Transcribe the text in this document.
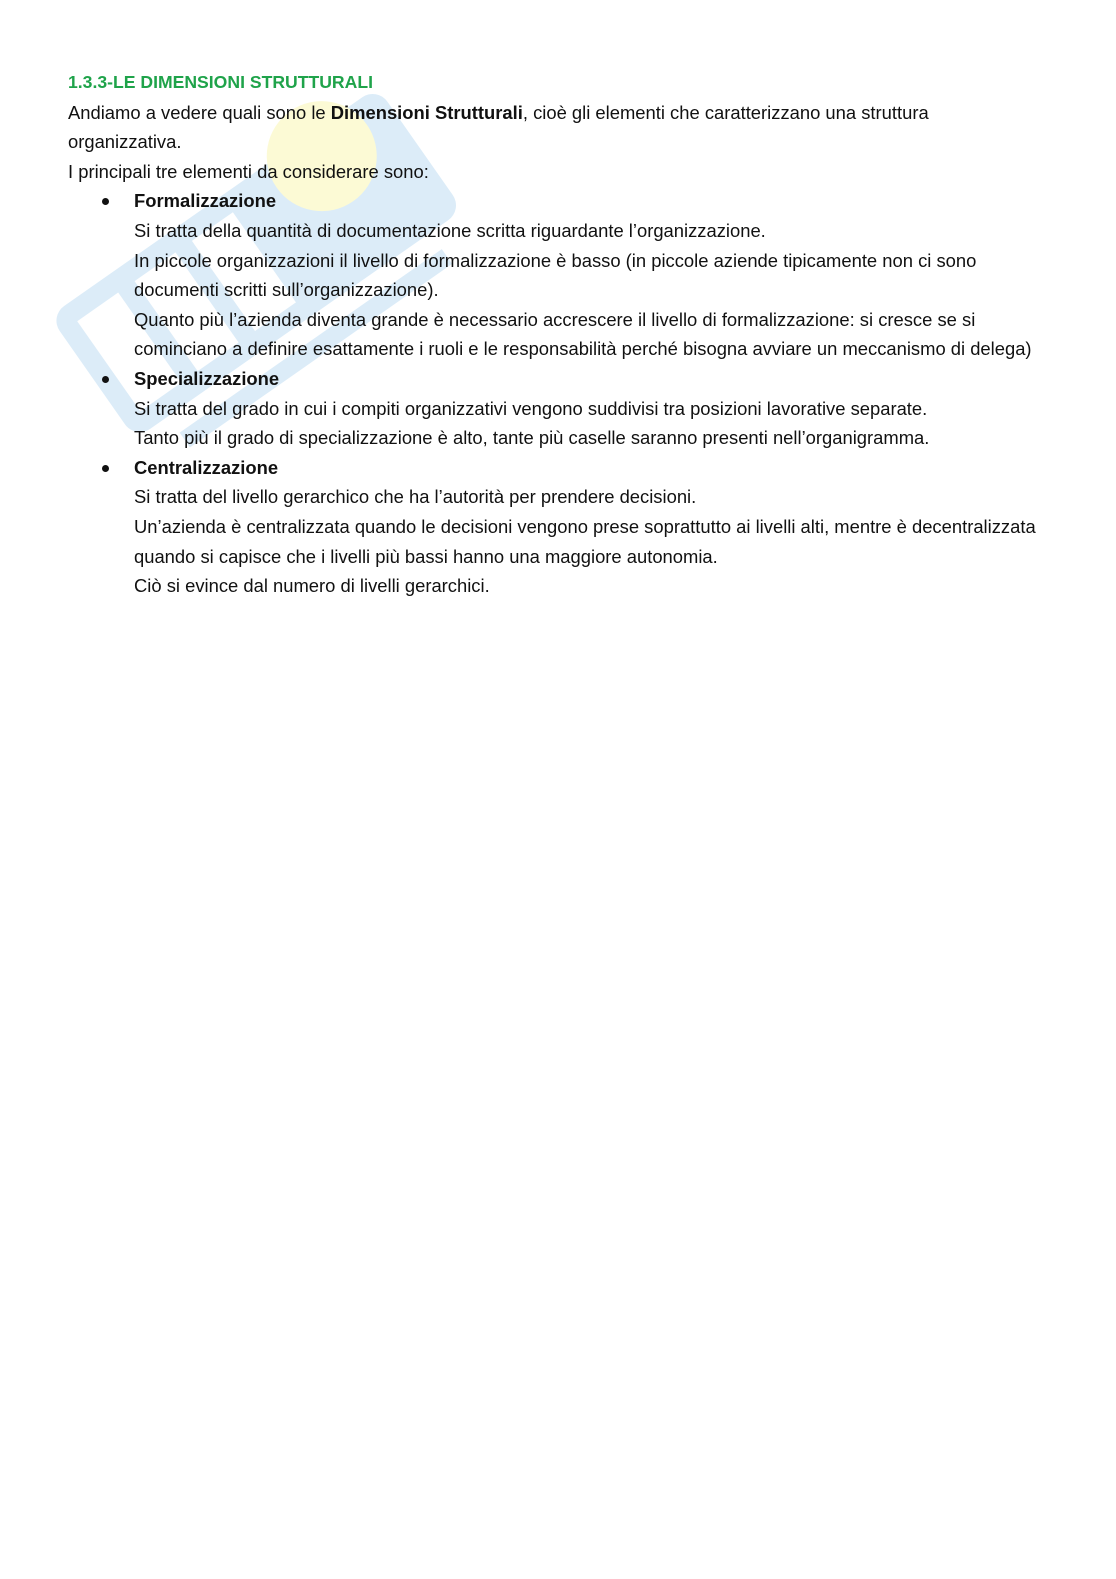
1.3.3-LE DIMENSIONI STRUTTURALI

Andiamo a vedere quali sono le Dimensioni Strutturali, cioè gli elementi che caratterizzano una struttura organizzativa.

I principali tre elementi da considerare sono:

Formalizzazione
Si tratta della quantità di documentazione scritta riguardante l’organizzazione.
In piccole organizzazioni il livello di formalizzazione è basso (in piccole aziende tipicamente non ci sono documenti scritti sull’organizzazione).
Quanto più l’azienda diventa grande è necessario accrescere il livello di formalizzazione: si cresce se si cominciano a definire esattamente i ruoli e le responsabilità perché bisogna avviare un meccanismo di delega)
Specializzazione
Si tratta del grado in cui i compiti organizzativi vengono suddivisi tra posizioni lavorative separate.
Tanto più il grado di specializzazione è alto, tante più caselle saranno presenti nell’organigramma.
Centralizzazione
Si tratta del livello gerarchico che ha l’autorità per prendere decisioni.
Un’azienda è centralizzata quando le decisioni vengono prese soprattutto ai livelli alti, mentre è decentralizzata quando si capisce che i livelli più bassi hanno una maggiore autonomia.
Ciò si evince dal numero di livelli gerarchici.
